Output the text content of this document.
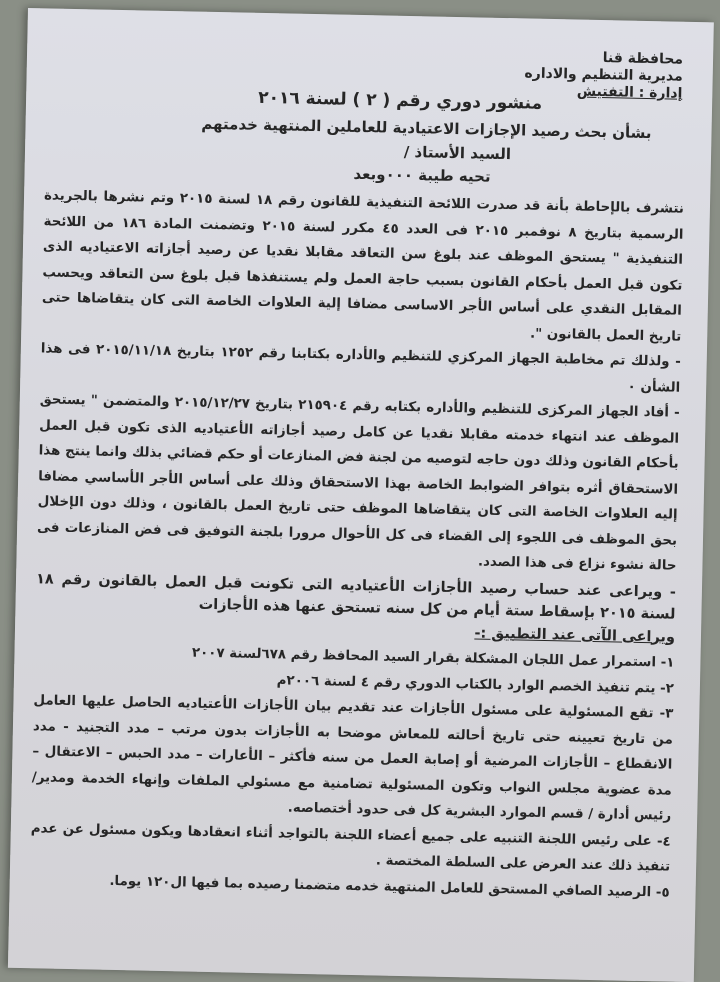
محافظة قنا
مديرية التنظيم والاداره
إدارة : التفتيش
منشور دوري رقم ( ٢ ) لسنة ٢٠١٦
بشأن بحث رصيد الإجازات الاعتيادية للعاملين المنتهية خدمتهم
السيد الأستاذ /
تحيه طيبة ٠٠٠وبعد

نتشرف بالإحاطة بأنة قد صدرت اللائحة التنفيذية للقانون رقم ١٨ لسنة ٢٠١٥ وتم نشرها بالجريدة الرسمية بتاريخ ٨ نوفمبر ٢٠١٥ فى العدد ٤٥ مكرر لسنة ٢٠١٥ وتضمنت المادة ١٨٦ من اللائحة التنفيذية " يستحق الموظف عند بلوغ سن التعاقد مقابلا نقديا عن رصيد أجازاته الاعتياديه الذى تكون قبل العمل بأحكام القانون بسبب حاجة العمل ولم يستنفذها قبل بلوغ سن التعاقد ويحسب المقابل النقدي على أساس الأجر الاساسى مضافا إلية العلاوات الخاصة التى كان يتقاضاها حتى تاريخ العمل بالقانون ".

- ولذلك تم مخاطبة الجهاز المركزي للتنظيم والأداره بكتابنا رقم ١٢٥٢ بتاريخ ٢٠١٥/١١/١٨ فى هذا الشأن ٠

- أفاد الجهاز المركزى للتنظيم والأداره بكتابه رقم ٢١٥٩٠٤ بتاريخ ٢٠١٥/١٢/٢٧ والمتضمن " يستحق الموظف عند انتهاء خدمته مقابلا نقديا عن كامل رصيد أجازاته الأعتياديه الذى تكون قبل العمل بأحكام القانون وذلك دون حاجه لتوصيه من لجنة فض المنازعات أو حكم قضائي بذلك وانما ينتج هذا الاستحقاق أثره بتوافر الضوابط الخاصة بهذا الاستحقاق وذلك على أساس الأجر الأساسي مضافا إليه العلاوات الخاصة التى كان يتقاضاها الموظف حتى تاريخ العمل بالقانون ، وذلك دون الإخلال بحق الموظف فى اللجوء إلى القضاء فى كل الأحوال مرورا بلجنة التوفيق فى فض المنازعات فى حالة نشوء نزاع فى هذا الصدد.

- ويراعى عند حساب رصيد الأجازات الأعتياديه التى تكونت قبل العمل بالقانون رقم ١٨ لسنة ٢٠١٥ بإسقاط ستة أيام من كل سنه تستحق عنها هذه الأجازات

ويراعى الآتى عند التطبيق :-

١- استمرار عمل اللجان المشكلة بقرار السيد المحافظ رقم ٦٧٨لسنة ٢٠٠٧

٢- يتم تنفيذ الخصم الوارد بالكتاب الدوري رقم ٤ لسنة ٢٠٠٦م

٣- تقع المسئولية على مسئول الأجازات عند تقديم بيان الأجازات الأعتياديه الحاصل عليها العامل من تاريخ تعيينه حتى تاريخ أحالته للمعاش موضحا به الأجازات بدون مرتب – مدد التجنيد - مدد الانقطاع – الأجازات المرضية أو إصابة العمل من سنه فأكثر – الأعارات – مدد الحبس – الاعتقال – مدة عضوية مجلس النواب وتكون المسئولية تضامنية مع مسئولي الملفات وإنهاء الخدمة ومدير/ رئيس أدارة / قسم الموارد البشرية كل فى حدود أختصاصه.

٤- على رئيس اللجنة التنبيه على جميع أعضاء اللجنة بالتواجد أثناء انعقادها ويكون مسئول عن عدم تنفيذ ذلك عند العرض على السلطة المختصة .

٥- الرصيد الصافي المستحق للعامل المنتهية خدمه متضمنا رصيده بما فيها ال١٢٠ يوما.
